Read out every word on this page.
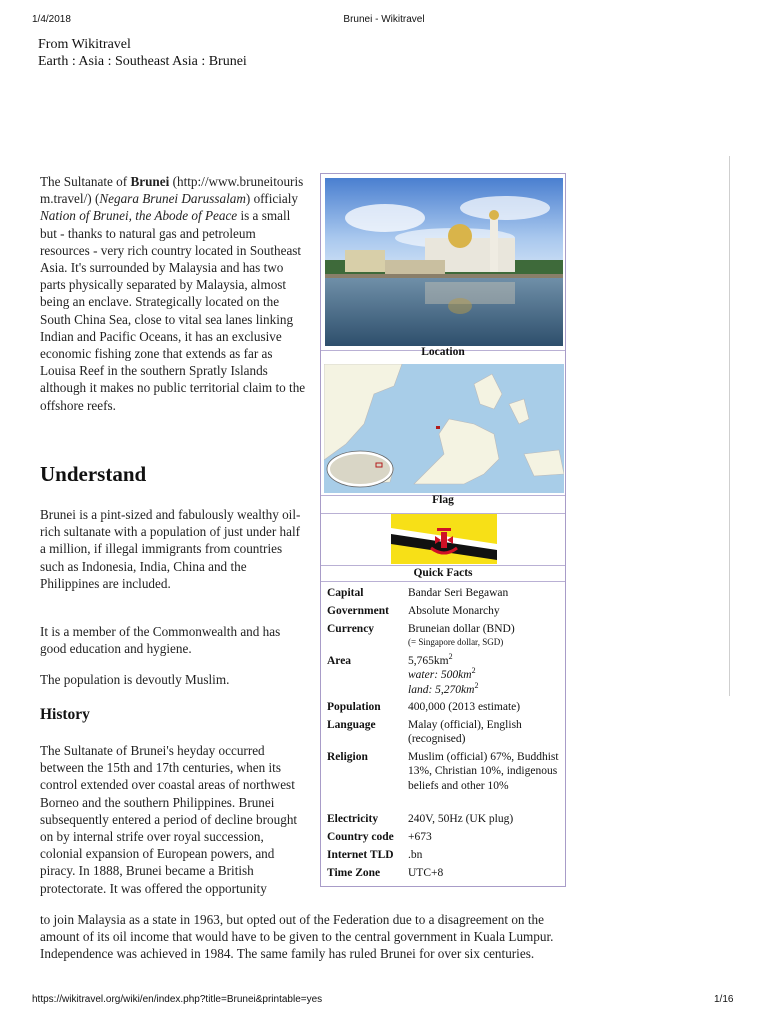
1/4/2018	Brunei - Wikitravel
https://wikitravel.org/wiki/en/index.php?title=Brunei&printable=yes	1/16
From Wikitravel
Earth : Asia : Southeast Asia : Brunei

The Sultanate of Brunei (http://www.bruneitourism.travel/) (Negara Brunei Darussalam) officialy Nation of Brunei, the Abode of Peace is a small but - thanks to natural gas and petroleum resources - very rich country located in Southeast Asia. It's surrounded by Malaysia and has two parts physically separated by Malaysia, almost being an enclave. Strategically located on the South China Sea, close to vital sea lanes linking Indian and Pacific Oceans, it has an exclusive economic fishing zone that extends as far as Louisa Reef in the southern Spratly Islands although it makes no public territorial claim to the offshore reefs.

Understand

Brunei is a pint-sized and fabulously wealthy oil-rich sultanate with a population of just under half a million, if illegal immigrants from countries such as Indonesia, India, China and the Philippines are included.

It is a member of the Commonwealth and has good education and hygiene.

The population is devoutly Muslim.

History

The Sultanate of Brunei's heyday occurred between the 15th and 17th centuries, when its control extended over coastal areas of northwest Borneo and the southern Philippines. Brunei subsequently entered a period of decline brought on by internal strife over royal succession, colonial expansion of European powers, and piracy. In 1888, Brunei became a British protectorate. It was offered the opportunity

to join Malaysia as a state in 1963, but opted out of the Federation due to a disagreement on the amount of its oil income that would have to be given to the central government in Kuala Lumpur. Independence was achieved in 1984. The same family has ruled Brunei for over six centuries.

Location
Flag
Quick Facts
Capital	Bandar Seri Begawan
Government	Absolute Monarchy
Currency	Bruneian dollar (BND)
(= Singapore dollar, SGD)
Area	$5,765km^2$
water: $500km^2$
land: $5,270km^2$
Population	400,000 (2013 estimate)
Language	Malay (official), English (recognised)
Religion	Muslim (official) 67%, Buddhist 13%, Christian 10%, indigenous beliefs and other 10%
Electricity	240V, 50Hz (UK plug)
Country code	+673
Internet TLD	.bn
Time Zone	UTC+8
